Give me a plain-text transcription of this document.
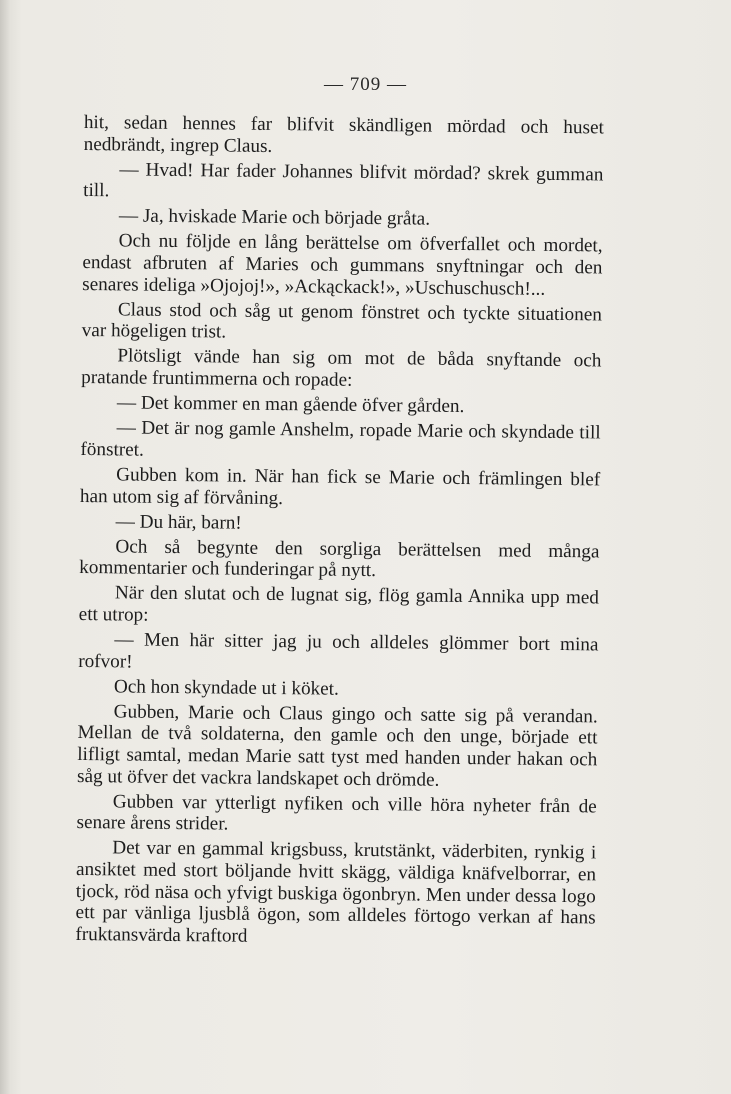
— 709 —

hit, sedan hennes far blifvit skändligen mördad och huset nedbrändt, ingrep Claus.

— Hvad! Har fader Johannes blifvit mördad? skrek gumman till.

— Ja, hviskade Marie och började gråta.

Och nu följde en lång berättelse om öfverfallet och mordet, endast afbruten af Maries och gummans snyftningar och den senares ideliga »Ojojoj!», »Ackąckack!», »Uschuschusch!...

Claus stod och såg ut genom fönstret och tyckte situationen var högeligen trist.

Plötsligt vände han sig om mot de båda snyftande och pratande fruntimmerna och ropade:

— Det kommer en man gående öfver gården.

— Det är nog gamle Anshelm, ropade Marie och skyndade till fönstret.

Gubben kom in. När han fick se Marie och främlingen blef han utom sig af förvåning.

— Du här, barn!

Och så begynte den sorgliga berättelsen med många kommentarier och funderingar på nytt.

När den slutat och de lugnat sig, flög gamla Annika upp med ett utrop:

— Men här sitter jag ju och alldeles glömmer bort mina rofvor!

Och hon skyndade ut i köket.

Gubben, Marie och Claus gingo och satte sig på verandan. Mellan de två soldaterna, den gamle och den unge, började ett lifligt samtal, medan Marie satt tyst med handen under hakan och såg ut öfver det vackra landskapet och drömde.

Gubben var ytterligt nyfiken och ville höra nyheter från de senare årens strider.

Det var en gammal krigsbuss, krutstänkt, väderbiten, rynkig i ansiktet med stort böljande hvitt skägg, väldiga knäfvelborrar, en tjock, röd näsa och yfvigt buskiga ögonbryn. Men under dessa logo ett par vänliga ljusblå ögon, som alldeles förtogo verkan af hans fruktansvärda kraftord
